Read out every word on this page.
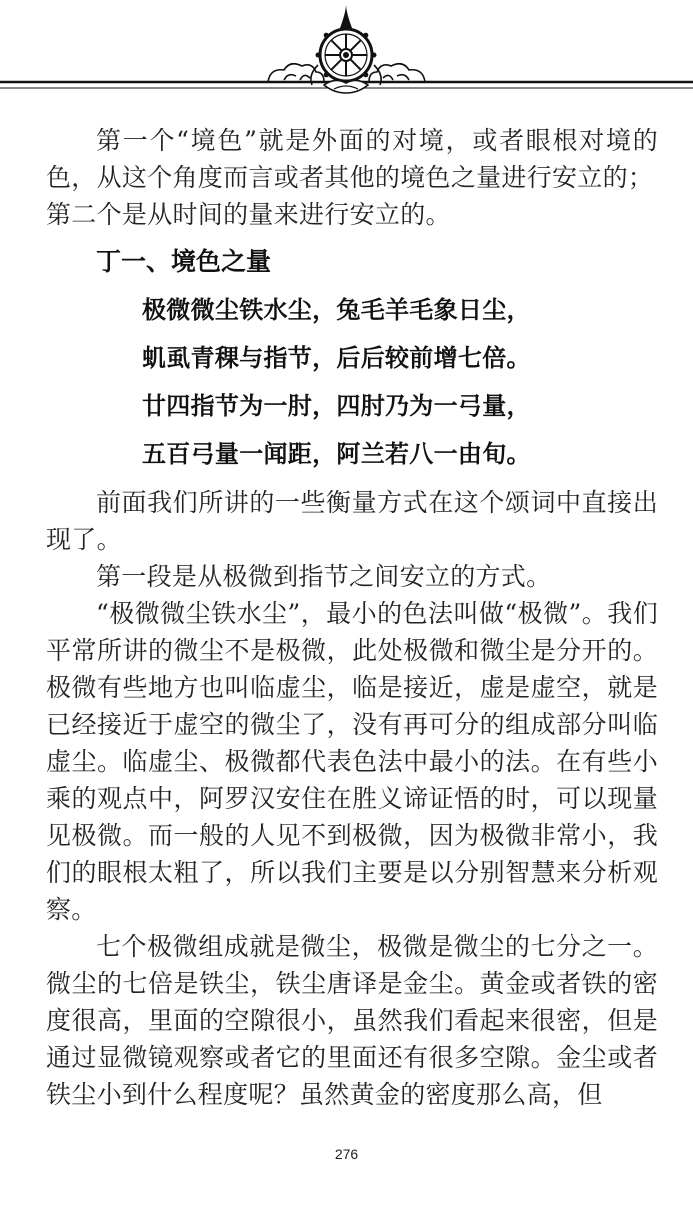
第一个“境色”就是外面的对境，或者眼根对境的色，从这个角度而言或者其他的境色之量进行安立的；

第二个是从时间的量来进行安立的。

丁一、境色之量
极微微尘铁水尘，兔毛羊毛象日尘，
虮虱青稞与指节，后后较前增七倍。
廿四指节为一肘，四肘乃为一弓量，
五百弓量一闻距，阿兰若八一由旬。

前面我们所讲的一些衡量方式在这个颂词中直接出现了。

第一段是从极微到指节之间安立的方式。

“极微微尘铁水尘”，最小的色法叫做“极微”。我们平常所讲的微尘不是极微，此处极微和微尘是分开的。极微有些地方也叫临虚尘，临是接近，虚是虚空，就是已经接近于虚空的微尘了，没有再可分的组成部分叫临虚尘。临虚尘、极微都代表色法中最小的法。在有些小乘的观点中，阿罗汉安住在胜义谛证悟的时，可以现量见极微。而一般的人见不到极微，因为极微非常小，我们的眼根太粗了，所以我们主要是以分别智慧来分析观察。

七个极微组成就是微尘，极微是微尘的七分之一。微尘的七倍是铁尘，铁尘唐译是金尘。黄金或者铁的密度很高，里面的空隙很小，虽然我们看起来很密，但是通过显微镜观察或者它的里面还有很多空隙。金尘或者铁尘小到什么程度呢？虽然黄金的密度那么高，但

276
